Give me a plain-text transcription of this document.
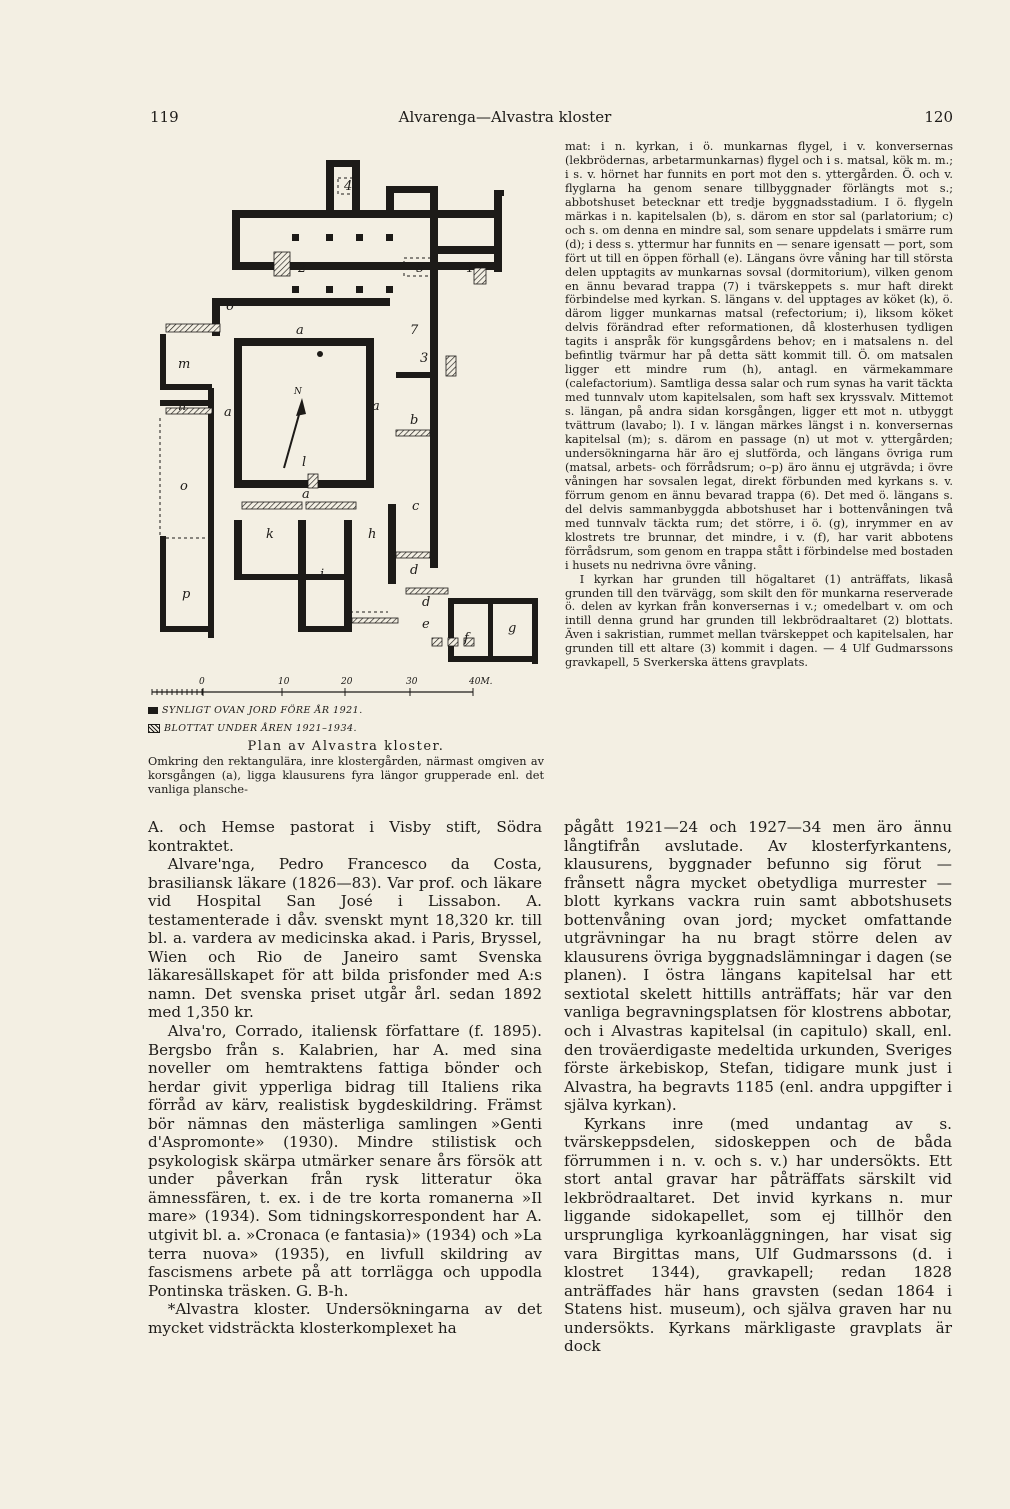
119	Alvarenga—Alvastra kloster	120
N
4
2	5	1
6
7
3
a
a	a
a
m
n
b
o
l
c
k	h
i	d
d
p
e
f
g
0	10	20	30	40M.
SYNLIGT OVAN JORD FÖRE ÅR 1921.
BLOTTAT UNDER ÅREN 1921–1934.
Plan av Alvastra kloster.
Omkring den rektangulära, inre klostergården, närmast omgiven av korsgången (a), ligga klausurens fyra längor grupperade enl. det vanliga plansche-

mat: i n. kyrkan, i ö. munkarnas flygel, i v. konversernas (lekbrödernas, arbetarmunkarnas) flygel och i s. matsal, kök m. m.; i s. v. hörnet har funnits en port mot den s. yttergården. Ö. och v. flyglarna ha genom senare tillbyggnader förlängts mot s.; abbotshuset betecknar ett tredje byggnadsstadium. I ö. flygeln märkas i n. kapitelsalen (b), s. därom en stor sal (parlatorium; c) och s. om denna en mindre sal, som senare uppdelats i smärre rum (d); i dess s. yttermur har funnits en — senare igensatt — port, som fört ut till en öppen förhall (e). Längans övre våning har till största delen upptagits av munkarnas sovsal (dormitorium), vilken genom en ännu bevarad trappa (7) i tvärskeppets s. mur haft direkt förbindelse med kyrkan. S. längans v. del upptages av köket (k), ö. därom ligger munkarnas matsal (refectorium; i), liksom köket delvis förändrad efter reformationen, då klosterhusen tydligen tagits i anspråk för kungsgårdens behov; en i matsalens n. del befintlig tvärmur har på detta sätt kommit till. Ö. om matsalen ligger ett mindre rum (h), antagl. en värmekammare (calefactorium). Samtliga dessa salar och rum synas ha varit täckta med tunnvalv utom kapitelsalen, som haft sex kryssvalv. Mittemot s. längan, på andra sidan korsgången, ligger ett mot n. utbyggt tvättrum (lavabo; l). I v. längan märkes längst i n. konversernas kapitelsal (m); s. därom en passage (n) ut mot v. yttergården; undersökningarna här äro ej slutförda, och längans övriga rum (matsal, arbets- och förrådsrum; o–p) äro ännu ej utgrävda; i övre våningen har sovsalen legat, direkt förbunden med kyrkans s. v. förrum genom en ännu bevarad trappa (6). Det med ö. längans s. del delvis sammanbyggda abbotshuset har i bottenvåningen två med tunnvalv täckta rum; det större, i ö. (g), inrymmer en av klostrets tre brunnar, det mindre, i v. (f), har varit abbotens förrådsrum, som genom en trappa stått i förbindelse med bostaden i husets nu nedrivna övre våning.

I kyrkan har grunden till högaltaret (1) anträffats, likaså grunden till den tvärvägg, som skilt den för munkarna reserverade ö. delen av kyrkan från konversernas i v.; omedelbart v. om och intill denna grund har grunden till lekbrödraaltaret (2) blottats. Även i sakristian, rummet mellan tvärskeppet och kapitelsalen, har grunden till ett altare (3) kommit i dagen. — 4 Ulf Gudmarssons gravkapell, 5 Sverkerska ättens gravplats.

A. och Hemse pastorat i Visby stift, Södra kontraktet.

Alvare'nga, Pedro Francesco da Costa, brasiliansk läkare (1826—83). Var prof. och läkare vid Hospital San José i Lissabon. A. testamenterade i dåv. svenskt mynt 18,320 kr. till bl. a. vardera av medicinska akad. i Paris, Bryssel, Wien och Rio de Janeiro samt Svenska läkaresällskapet för att bilda prisfonder med A:s namn. Det svenska priset utgår årl. sedan 1892 med 1,350 kr.

Alva'ro, Corrado, italiensk författare (f. 1895). Bergsbo från s. Kalabrien, har A. med sina noveller om hemtraktens fattiga bönder och herdar givit ypperliga bidrag till Italiens rika förråd av kärv, realistisk bygdeskildring. Främst bör nämnas den mästerliga samlingen »Genti d'Aspromonte» (1930). Mindre stilistisk och psykologisk skärpa utmärker senare års försök att under påverkan från rysk litteratur öka ämnessfären, t. ex. i de tre korta romanerna »Il mare» (1934). Som tidningskorrespondent har A. utgivit bl. a. »Cronaca (e fantasia)» (1934) och »La terra nuova» (1935), en livfull skildring av fascismens arbete på att torrlägga och uppodla Pontinska träsken. G. B-h.

*Alvastra kloster. Undersökningarna av det mycket vidsträckta klosterkomplexet ha

pågått 1921—24 och 1927—34 men äro ännu långtifrån avslutade. Av klosterfyrkantens, klausurens, byggnader befunno sig förut — frånsett några mycket obetydliga murrester — blott kyrkans vackra ruin samt abbotshusets bottenvåning ovan jord; mycket omfattande utgrävningar ha nu bragt större delen av klausurens övriga byggnadslämningar i dagen (se planen). I östra längans kapitelsal har ett sextiotal skelett hittills anträffats; här var den vanliga begravningsplatsen för klostrens abbotar, och i Alvastras kapitelsal (in capitulo) skall, enl. den troväerdigaste medeltida urkunden, Sveriges förste ärkebiskop, Stefan, tidigare munk just i Alvastra, ha begravts 1185 (enl. andra uppgifter i själva kyrkan).

Kyrkans inre (med undantag av s. tvärskeppsdelen, sidoskeppen och de båda förrummen i n. v. och s. v.) har undersökts. Ett stort antal gravar har påträffats särskilt vid lekbrödraaltaret. Det invid kyrkans n. mur liggande sidokapellet, som ej tillhör den ursprungliga kyrkoanläggningen, har visat sig vara Birgittas mans, Ulf Gudmarssons (d. i klostret 1344), gravkapell; redan 1828 anträffades här hans gravsten (sedan 1864 i Statens hist. museum), och själva graven har nu undersökts. Kyrkans märkligaste gravplats är dock
